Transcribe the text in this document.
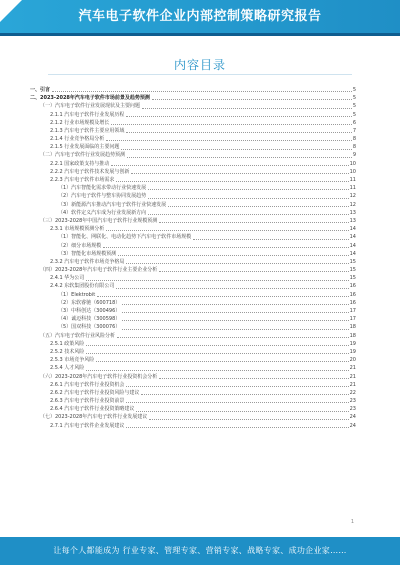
汽车电子软件企业内部控制策略研究报告
内容目录
一、引言	5
二、2023-2028年汽车电子软件市场前景及趋势预测	5
（一）汽车电子软件行业发展现状及主要问题	5
2.1.1 汽车电子软件行业发展历程	5
2.1.2 行业市场规模及增长	6
2.1.3 汽车电子软件主要应用领域	7
2.1.4 行业竞争格局分析	8
2.1.5 行业发展面临的主要问题	8
（二）汽车电子软件行业发展趋势预测	9
2.2.1 国家政策支持与推动	10
2.2.2 汽车电子软件技术发展与创新	10
2.2.3 汽车电子软件市场需求	11
（1）汽车智能化需求带动行业快速发展	11
（2）汽车电子软件与整车协同发展趋势	12
（3）新能源汽车推动汽车电子软件行业快速发展	12
（4）软件定义汽车成为行业发展新方向	13
（三）2023-2028年中国汽车电子软件行业规模预测	13
2.3.1 市场规模预测分析	14
（1）智能化、网联化、电动化趋势下汽车电子软件市场规模	14
（2）细分市场规模	14
（3）智能化市场规模预测	14
2.3.2 汽车电子软件市场竞争格局	15
（四）2023-2028年汽车电子软件行业主要企业分析	15
2.4.1 华为公司	15
2.4.2 东软集团股份有限公司	16
（1）Elektrobit	16
（2）东软睿驰（600718）	16
（3）中科创达（300496）	17
（4）诚迈科技（300598）	17
（5）国双科技（300076）	18
（五）汽车电子软件行业风险分析	18
2.5.1 政策风险	19
2.5.2 技术风险	19
2.5.3 市场竞争风险	20
2.5.4 人才风险	21
（六）2023-2028年汽车电子软件行业投资机会分析	21
2.6.1 汽车电子软件行业投资机会	21
2.6.2 汽车电子软件行业投资风险与建议	22
2.6.3 汽车电子软件行业投资前景	23
2.6.4 汽车电子软件行业投资策略建议	23
（七）2023-2028年汽车电子软件行业发展建议	24
2.7.1 汽车电子软件企业发展建议	24
1
让每个人都能成为 行业专家、管理专家、营销专家、战略专家、成功企业家……
